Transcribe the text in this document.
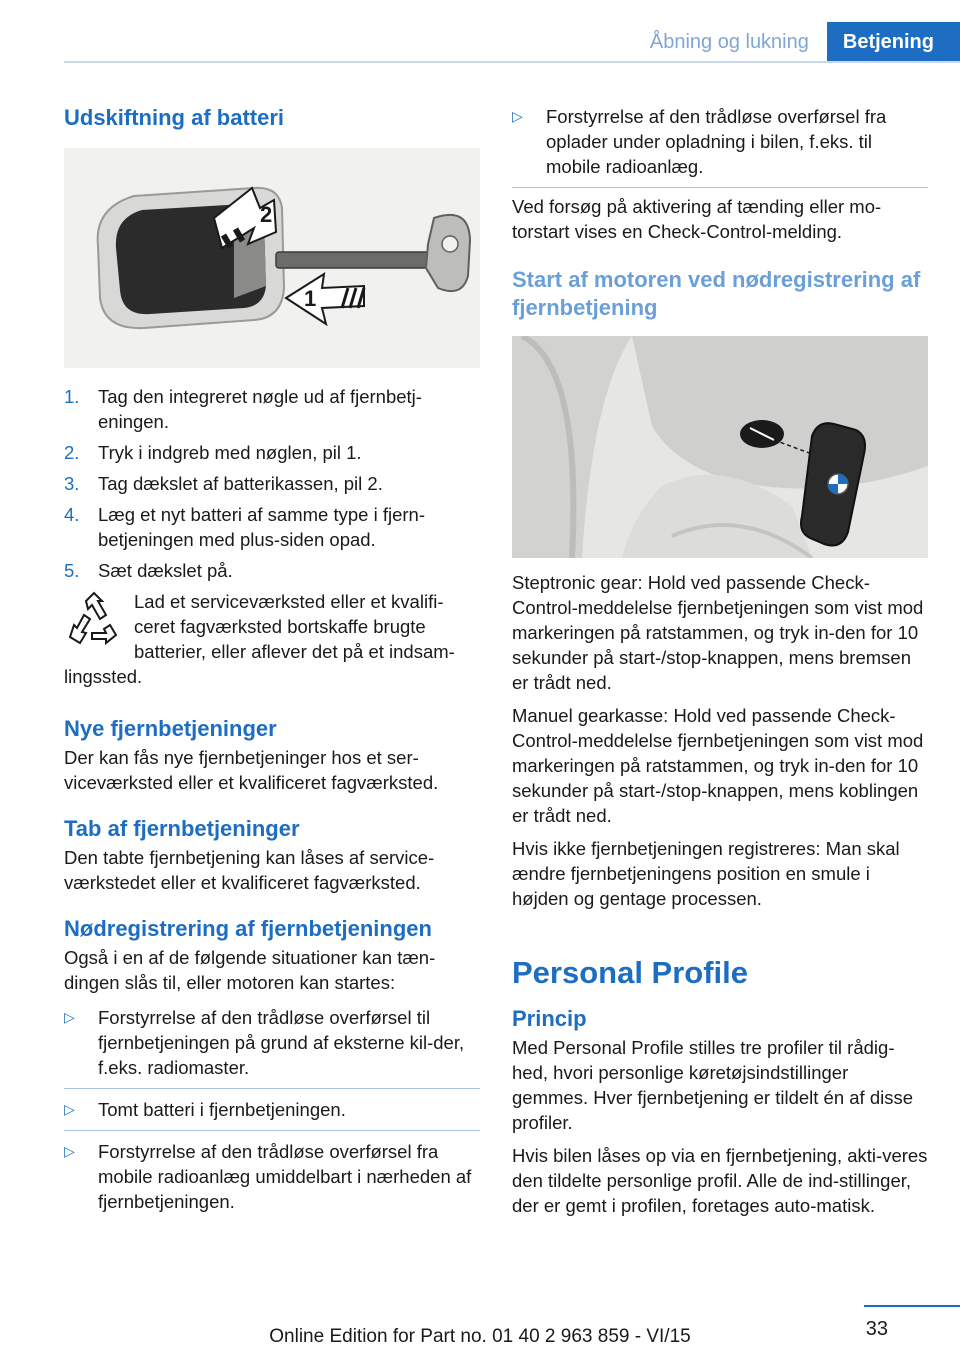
Åbning og lukning	Betjening
Udskiftning af batteri
2
1
1.	Tag den integreret nøgle ud af fjernbetj‐eningen.
2.	Tryk i indgreb med nøglen, pil 1.
3.	Tag dækslet af batterikassen, pil 2.
4.	Læg et nyt batteri af samme type i fjern‐betjeningen med plus-siden opad.
5.	Sæt dækslet på.

Lad et serviceværksted eller et kvalifi‐ceret fagværksted bortskaffe brugte batterier, eller aflever det på et indsam‐lingssted.

Nye fjernbetjeninger

Der kan fås nye fjernbetjeninger hos et ser‐viceværksted eller et kvalificeret fagværksted.

Tab af fjernbetjeninger

Den tabte fjernbetjening kan låses af service‐værkstedet eller et kvalificeret fagværksted.

Nødregistrering af fjernbetjeningen

Også i en af de følgende situationer kan tæn‐dingen slås til, eller motoren kan startes:

▷	Forstyrrelse af den trådløse overførsel til fjernbetjeningen på grund af eksterne kil‐der, f.eks. radiomaster.
▷	Tomt batteri i fjernbetjeningen.
▷	Forstyrrelse af den trådløse overførsel fra mobile radioanlæg umiddelbart i nærheden af fjernbetjeningen.
▷	Forstyrrelse af den trådløse overførsel fra oplader under opladning i bilen, f.eks. til mobile radioanlæg.

Ved forsøg på aktivering af tænding eller mo‐torstart vises en Check-Control-melding.

Start af motoren ved nødregistrering af fjernbetjening

Steptronic gear: Hold ved passende Check-Control-meddelelse fjernbetjeningen som vist mod markeringen på ratstammen, og tryk in‐den for 10 sekunder på start-/stop-knappen, mens bremsen er trådt ned.

Manuel gearkasse: Hold ved passende Check-Control-meddelelse fjernbetjeningen som vist mod markeringen på ratstammen, og tryk in‐den for 10 sekunder på start-/stop-knappen, mens koblingen er trådt ned.

Hvis ikke fjernbetjeningen registreres: Man skal ændre fjernbetjeningens position en smule i højden og gentage processen.

Personal Profile
Princip

Med Personal Profile stilles tre profiler til rådig‐hed, hvori personlige køretøjsindstillinger gemmes. Hver fjernbetjening er tildelt én af disse profiler.

Hvis bilen låses op via en fjernbetjening, akti‐veres den tildelte personlige profil. Alle de ind‐stillinger, der er gemt i profilen, foretages auto‐matisk.

33
Online Edition for Part no. 01 40 2 963 859 - VI/15
